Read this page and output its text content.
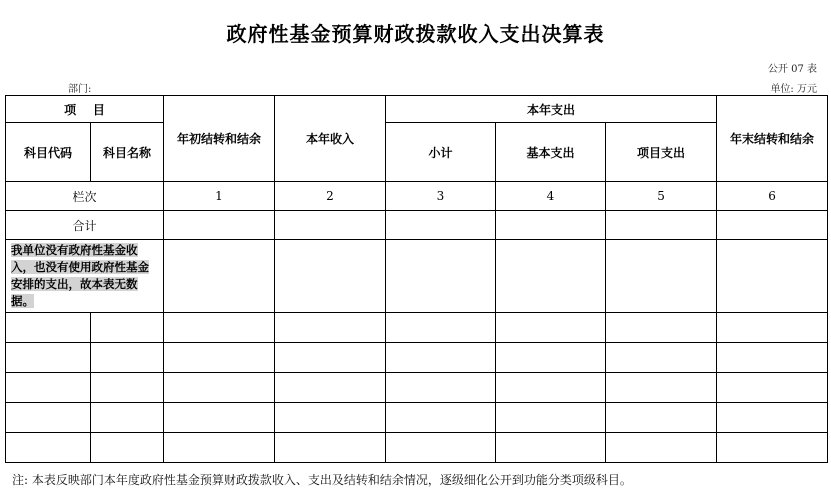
政府性基金预算财政拨款收入支出决算表
公开 07 表
部门:	单位: 万元
项    目		年初结转和结余	本年收入	本年支出			年末结转和结余
科目代码	科目名称			小计	基本支出	项目支出	
栏次		1	2	3	4	5	6
合计							
我单位没有政府性基金收入，也没有使用政府性基金安排的支出，故本表无数据。							

注: 本表反映部门本年度政府性基金预算财政拨款收入、支出及结转和结余情况，逐级细化公开到功能分类项级科目。
